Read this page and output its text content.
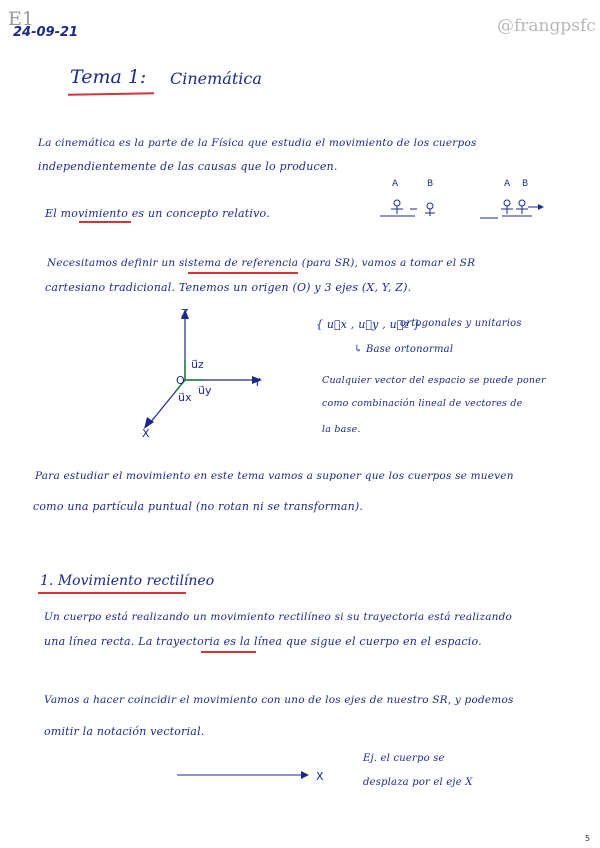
E1
24-09-21	@frangpsfc
Tema 1: Cinemática
La cinemática es la parte de la Física que estudia el movimiento de los cuerpos
independientemente de las causas que lo producen.
El movimiento es un concepto relativo.
A	B	A B
Necesitamos definir un sistema de referencia (para SR), vamos a tomar el SR
cartesiano tradicional. Tenemos un origen (O) y 3 ejes (X, Y, Z).
Z
Y
X
O
u⃗z
u⃗y
u⃗x
{ u⃗x , u⃗y , u⃗z }
ortogonales y unitarios
↳ Base ortonormal
Cualquier vector del espacio se puede poner
como combinación lineal de vectores de
la base.
Para estudiar el movimiento en este tema vamos a suponer que los cuerpos se mueven
como una partícula puntual (no rotan ni se transforman).
1. Movimiento rectilíneo
Un cuerpo está realizando un movimiento rectilíneo si su trayectoria está realizando
una línea recta. La trayectoria es la línea que sigue el cuerpo en el espacio.
Vamos a hacer coincidir el movimiento con uno de los ejes de nuestro SR, y podemos
omitir la notación vectorial.
Ej. el cuerpo se
desplaza por el eje X
X
5
